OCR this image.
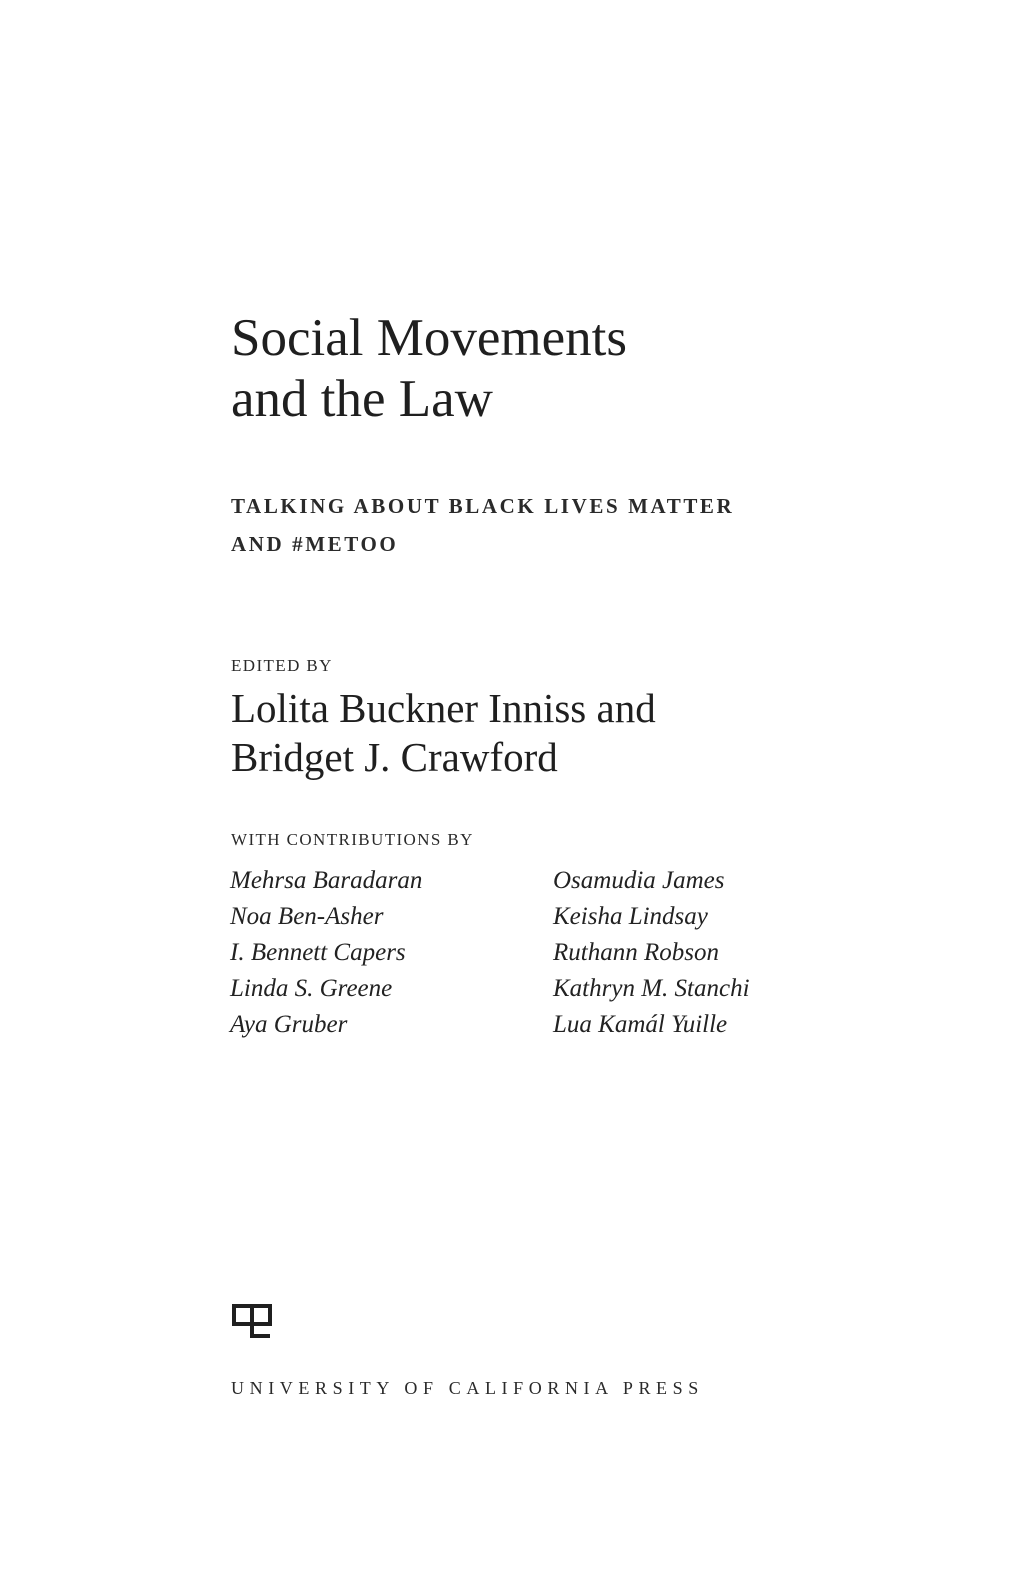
Social Movements
and the Law
TALKING ABOUT BLACK LIVES MATTER
AND #METOO
EDITED BY
Lolita Buckner Inniss and
Bridget J. Crawford
WITH CONTRIBUTIONS BY
Mehrsa Baradaran
Noa Ben-Asher
I. Bennett Capers
Linda S. Greene
Aya Gruber
Osamudia James
Keisha Lindsay
Ruthann Robson
Kathryn M. Stanchi
Lua Kamál Yuille
UNIVERSITY OF CALIFORNIA PRESS
